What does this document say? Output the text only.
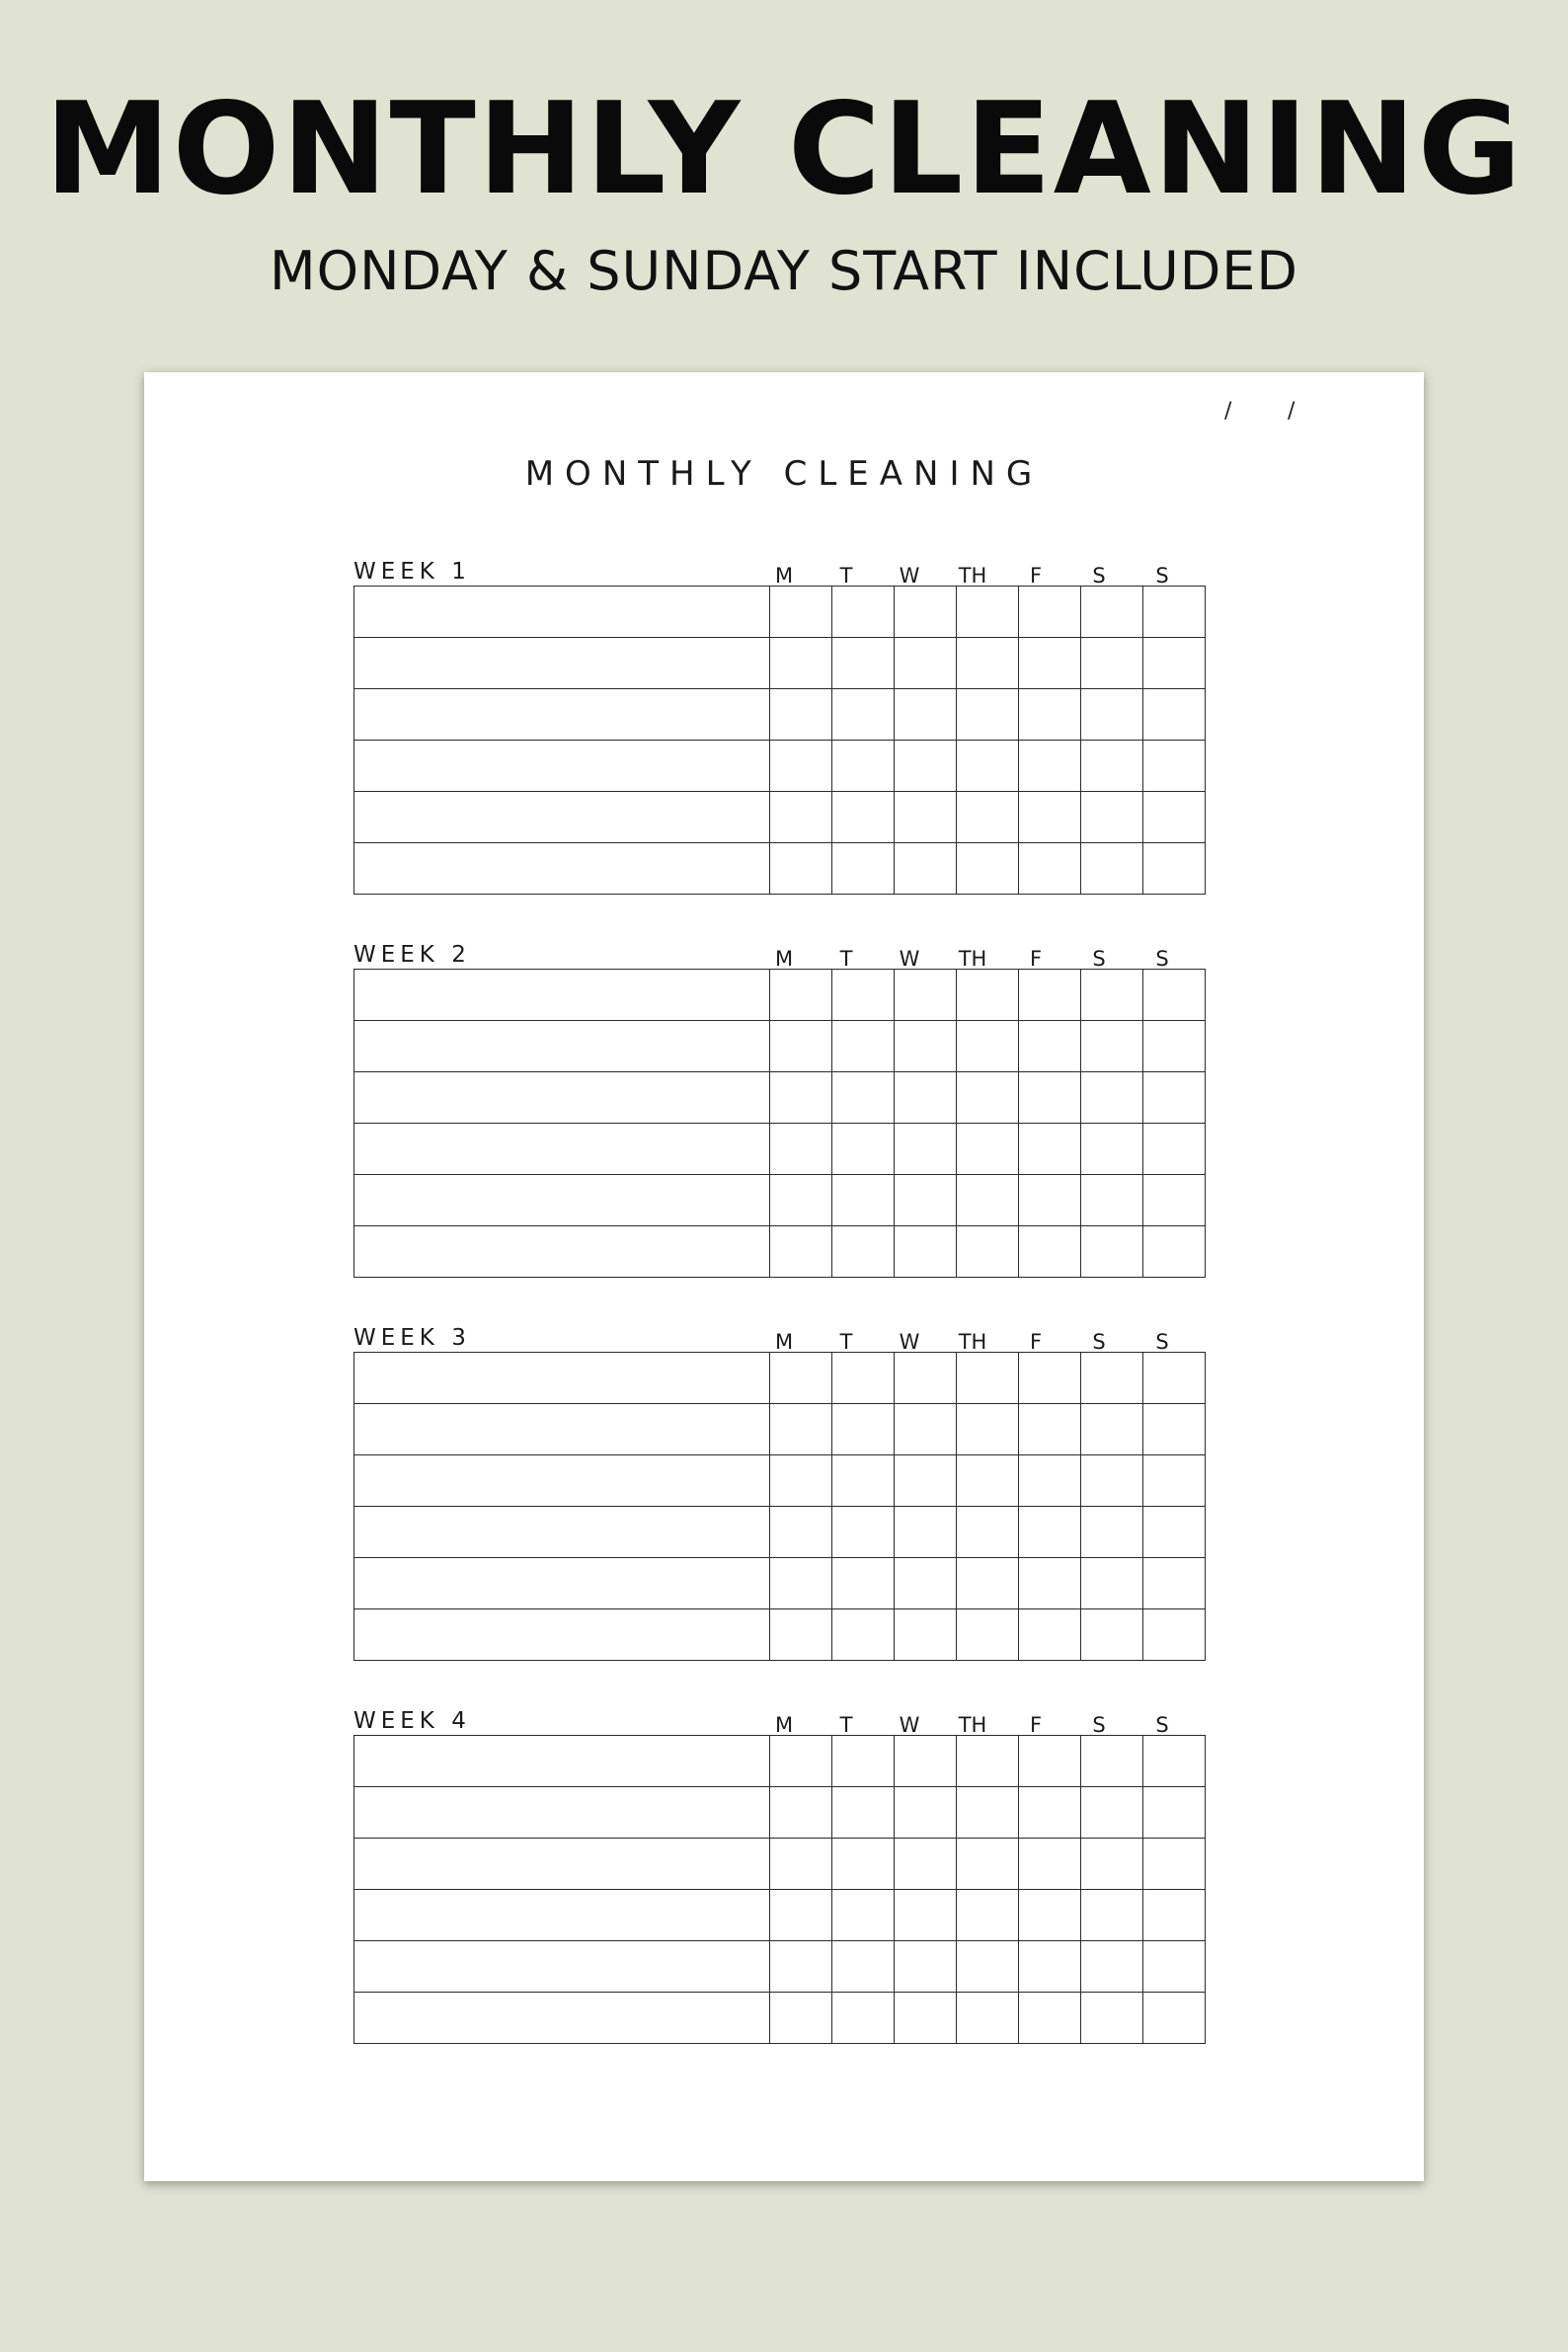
MONTHLY CLEANING
MONDAY & SUNDAY START INCLUDED
/	/
MONTHLY CLEANING
WEEK 1	M	T	W	TH	F	S	S

WEEK 2	M	T	W	TH	F	S	S

WEEK 3	M	T	W	TH	F	S	S

WEEK 4	M	T	W	TH	F	S	S
